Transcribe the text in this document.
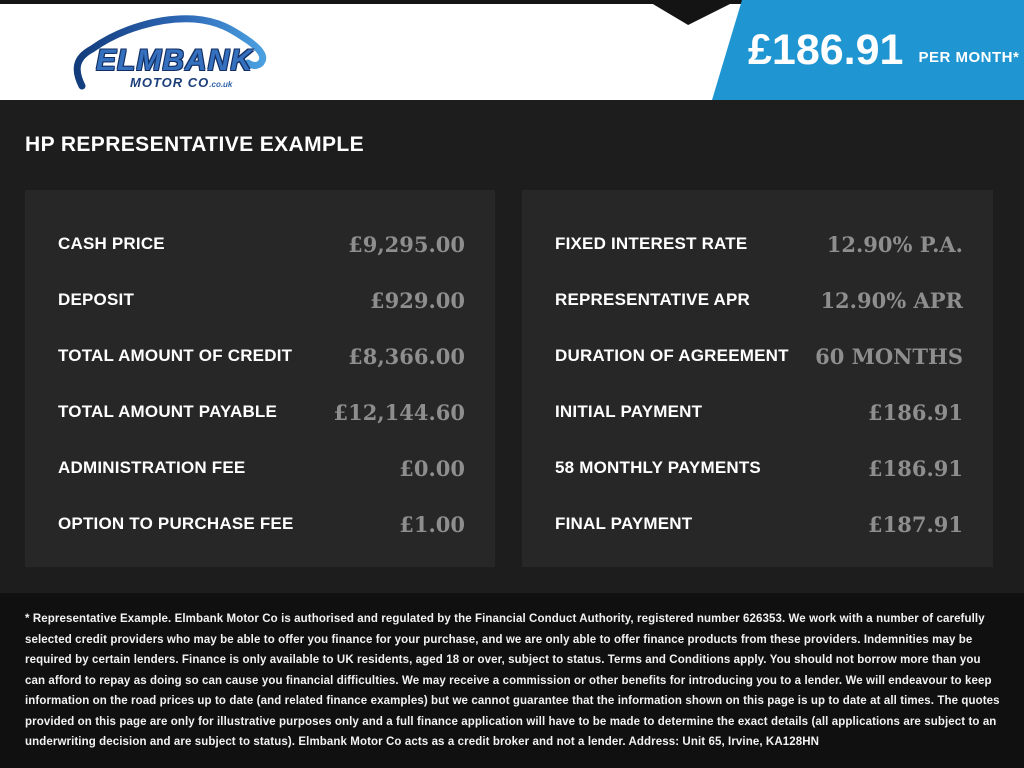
ELMBANK
MOTOR CO.co.uk
£186.91 PER MONTH*
HP REPRESENTATIVE EXAMPLE
CASH PRICE	£9,295.00
DEPOSIT	£929.00
TOTAL AMOUNT OF CREDIT	£8,366.00
TOTAL AMOUNT PAYABLE	£12,144.60
ADMINISTRATION FEE	£0.00
OPTION TO PURCHASE FEE	£1.00
FIXED INTEREST RATE	12.90% P.A.
REPRESENTATIVE APR	12.90% APR
DURATION OF AGREEMENT 60 MONTHS
INITIAL PAYMENT	£186.91
58 MONTHLY PAYMENTS	£186.91
FINAL PAYMENT	£187.91
* Representative Example. Elmbank Motor Co is authorised and regulated by the Financial Conduct Authority, registered number 626353. We work with a number of carefully selected credit providers who may be able to offer you finance for your purchase, and we are only able to offer finance products from these providers. Indemnities may be required by certain lenders. Finance is only available to UK residents, aged 18 or over, subject to status. Terms and Conditions apply. You should not borrow more than you can afford to repay as doing so can cause you financial difficulties. We may receive a commission or other benefits for introducing you to a lender. We will endeavour to keep information on the road prices up to date (and related finance examples) but we cannot guarantee that the information shown on this page is up to date at all times. The quotes provided on this page are only for illustrative purposes only and a full finance application will have to be made to determine the exact details (all applications are subject to an underwriting decision and are subject to status). Elmbank Motor Co acts as a credit broker and not a lender. Address: Unit 65, Irvine, KA128HN
